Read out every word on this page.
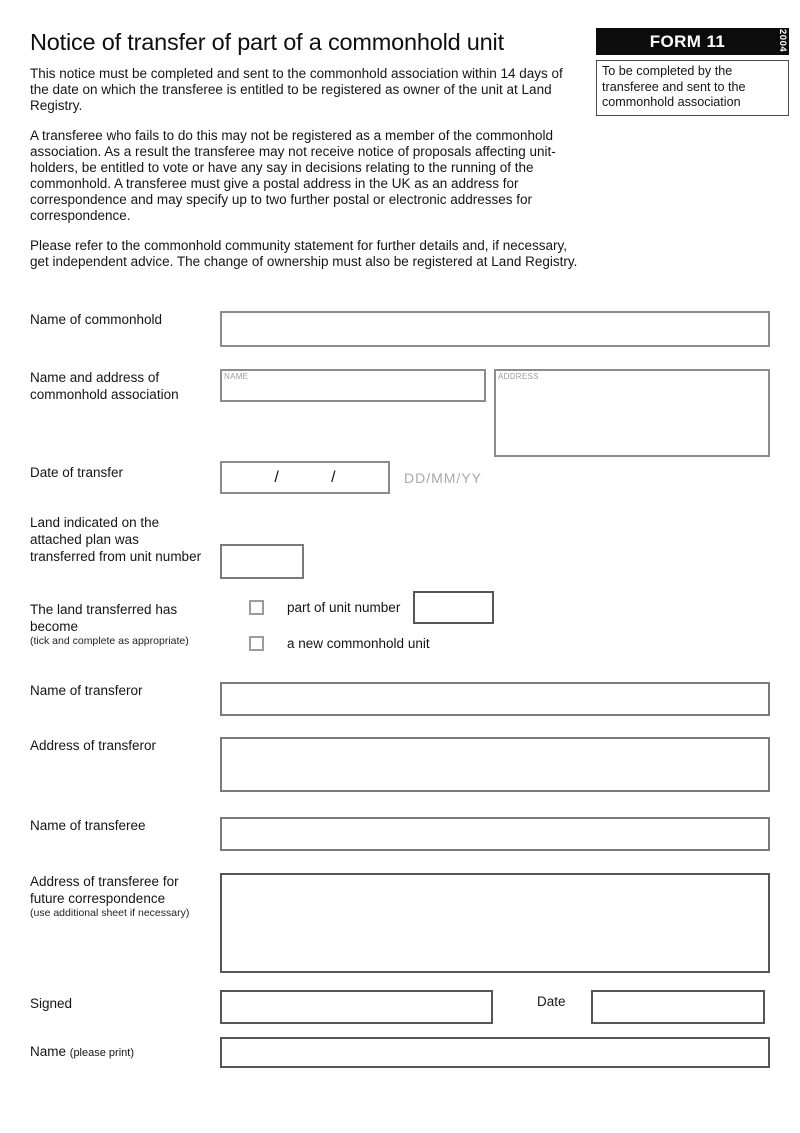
Notice of transfer of part of a commonhold unit

This notice must be completed and sent to the commonhold association within 14 days of the date on which the transferee is entitled to be registered as owner of the unit at Land Registry.

A transferee who fails to do this may not be registered as a member of the commonhold association. As a result the transferee may not receive notice of proposals affecting unit-holders, be entitled to vote or have any say in decisions relating to the running of the commonhold. A transferee must give a postal address in the UK as an address for correspondence and may specify up to two further postal or electronic addresses for correspondence.

Please refer to the commonhold community statement for further details and, if necessary, get independent advice. The change of ownership must also be registered at Land Registry.

FORM 11	2004
To be completed by the transferee and sent to the commonhold association
Name of commonhold
Name and address of commonhold association
NAME	ADDRESS
Date of transfer	/	/	DD/MM/YY
Land indicated on the attached plan was transferred from unit number
The land transferred has become
(tick and complete as appropriate)
part of unit number
a new commonhold unit
Name of transferor
Address of transferor
Name of transferee
Address of transferee for future correspondence
(use additional sheet if necessary)
Signed	Date
Name (please print)
